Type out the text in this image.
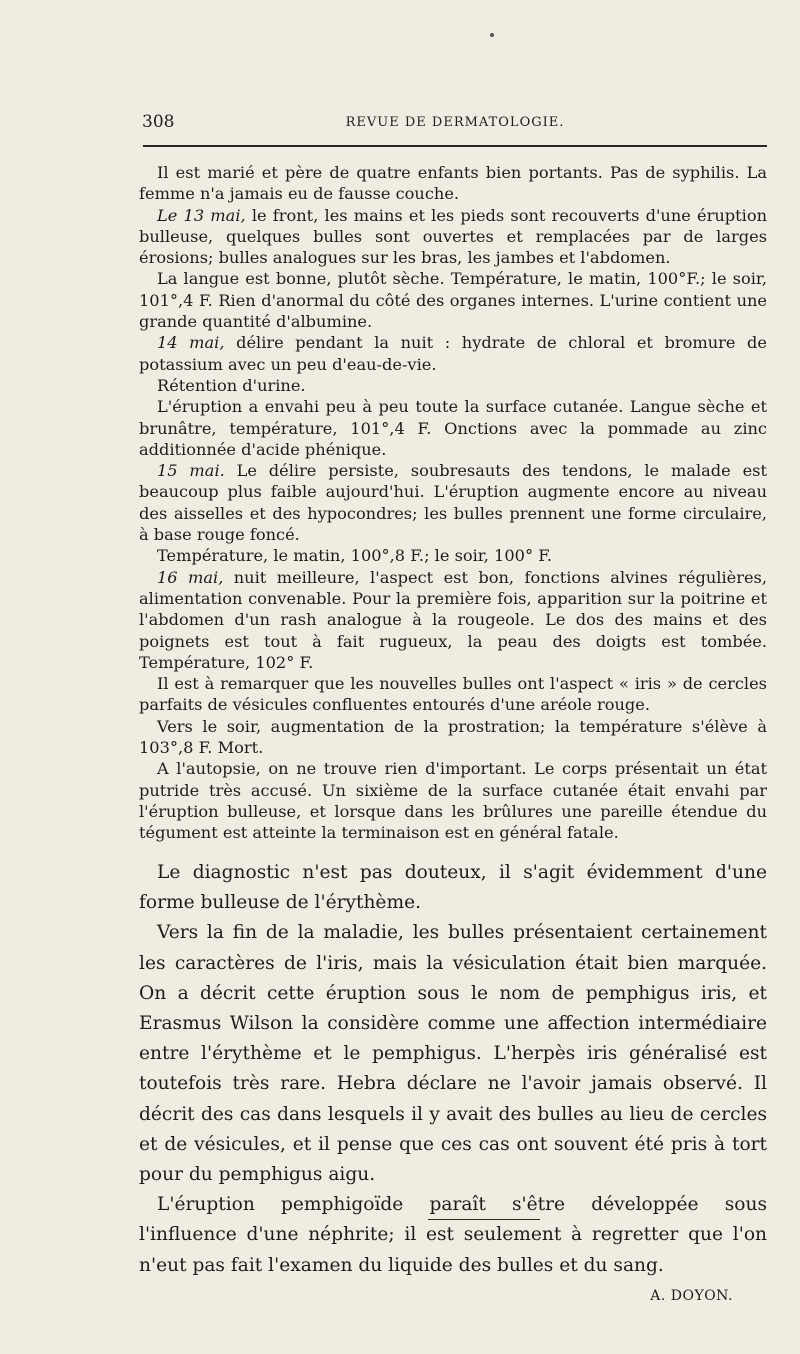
308	REVUE DE DERMATOLOGIE.

Il est marié et père de quatre enfants bien portants. Pas de syphilis. La femme n'a jamais eu de fausse couche.

Le 13 mai, le front, les mains et les pieds sont recouverts d'une éruption bulleuse, quelques bulles sont ouvertes et remplacées par de larges érosions; bulles analogues sur les bras, les jambes et l'abdomen.

La langue est bonne, plutôt sèche. Température, le matin, 100°F.; le soir, 101°,4 F. Rien d'anormal du côté des organes internes. L'urine contient une grande quantité d'albumine.

14 mai, délire pendant la nuit : hydrate de chloral et bromure de potassium avec un peu d'eau-de-vie.

Rétention d'urine.

L'éruption a envahi peu à peu toute la surface cutanée. Langue sèche et brunâtre, température, 101°,4 F. Onctions avec la pommade au zinc additionnée d'acide phénique.

15 mai. Le délire persiste, soubresauts des tendons, le malade est beaucoup plus faible aujourd'hui. L'éruption augmente encore au niveau des aisselles et des hypocondres; les bulles prennent une forme circulaire, à base rouge foncé.

Température, le matin, 100°,8 F.; le soir, 100° F.

16 mai, nuit meilleure, l'aspect est bon, fonctions alvines régulières, alimentation convenable. Pour la première fois, apparition sur la poitrine et l'abdomen d'un rash analogue à la rougeole. Le dos des mains et des poignets est tout à fait rugueux, la peau des doigts est tombée. Température, 102° F.

Il est à remarquer que les nouvelles bulles ont l'aspect « iris » de cercles parfaits de vésicules confluentes entourés d'une aréole rouge.

Vers le soir, augmentation de la prostration; la température s'élève à 103°,8 F. Mort.

A l'autopsie, on ne trouve rien d'important. Le corps présentait un état putride très accusé. Un sixième de la surface cutanée était envahi par l'éruption bulleuse, et lorsque dans les brûlures une pareille étendue du tégument est atteinte la terminaison est en général fatale.

Le diagnostic n'est pas douteux, il s'agit évidemment d'une forme bulleuse de l'érythème.

Vers la fin de la maladie, les bulles présentaient certainement les caractères de l'iris, mais la vésiculation était bien marquée. On a décrit cette éruption sous le nom de pemphigus iris, et Erasmus Wilson la considère comme une affection intermédiaire entre l'érythème et le pemphigus. L'herpès iris généralisé est toutefois très rare. Hebra déclare ne l'avoir jamais observé. Il décrit des cas dans lesquels il y avait des bulles au lieu de cercles et de vésicules, et il pense que ces cas ont souvent été pris à tort pour du pemphigus aigu.

L'éruption pemphigoïde paraît s'être développée sous l'influence d'une néphrite; il est seulement à regretter que l'on n'eut pas fait l'examen du liquide des bulles et du sang.
A. DOYON.
